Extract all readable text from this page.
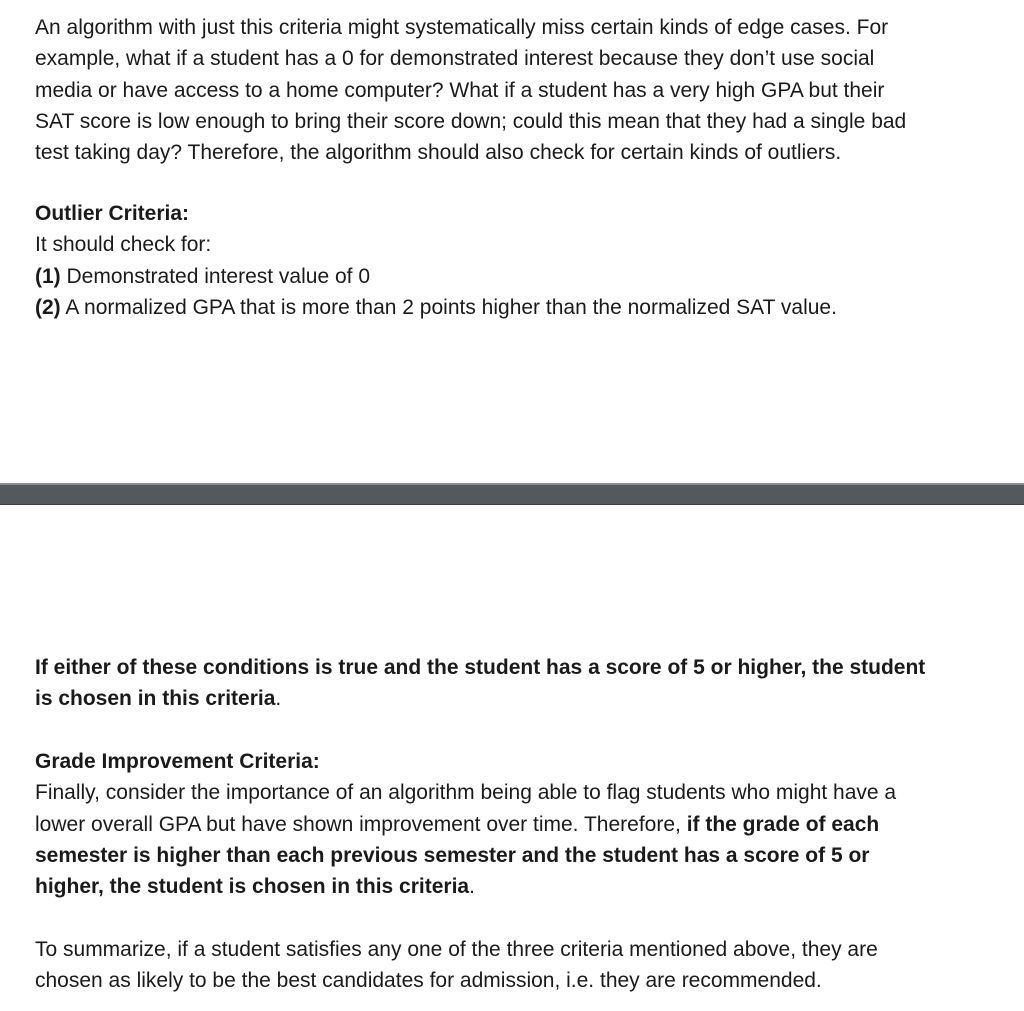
An algorithm with just this criteria might systematically miss certain kinds of edge cases. For
example, what if a student has a 0 for demonstrated interest because they don’t use social
media or have access to a home computer? What if a student has a very high GPA but their
SAT score is low enough to bring their score down; could this mean that they had a single bad
test taking day? Therefore, the algorithm should also check for certain kinds of outliers.
Outlier Criteria:
It should check for:
(1) Demonstrated interest value of 0
(2) A normalized GPA that is more than 2 points higher than the normalized SAT value.
If either of these conditions is true and the student has a score of 5 or higher, the student
is chosen in this criteria.
Grade Improvement Criteria:
Finally, consider the importance of an algorithm being able to flag students who might have a
lower overall GPA but have shown improvement over time. Therefore, if the grade of each
semester is higher than each previous semester and the student has a score of 5 or
higher, the student is chosen in this criteria.
To summarize, if a student satisfies any one of the three criteria mentioned above, they are
chosen as likely to be the best candidates for admission, i.e. they are recommended.
